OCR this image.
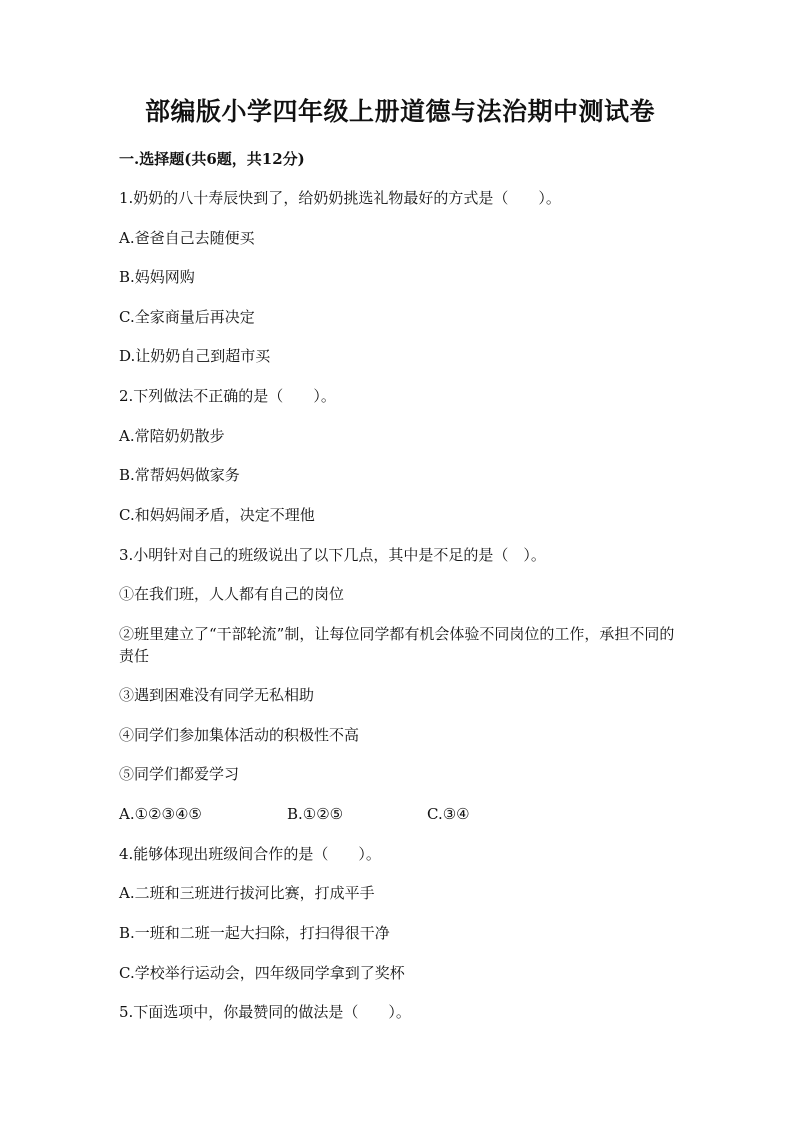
部编版小学四年级上册道德与法治期中测试卷
一.选择题(共6题，共12分)
1.奶奶的八十寿辰快到了，给奶奶挑选礼物最好的方式是（　　）。
A.爸爸自己去随便买
B.妈妈网购
C.全家商量后再决定
D.让奶奶自己到超市买
2.下列做法不正确的是（　　）。
A.常陪奶奶散步
B.常帮妈妈做家务
C.和妈妈闹矛盾，决定不理他
3.小明针对自己的班级说出了以下几点，其中是不足的是（　）。
①在我们班，人人都有自己的岗位
②班里建立了“干部轮流”制，让每位同学都有机会体验不同岗位的工作，承担不同的责任
③遇到困难没有同学无私相助
④同学们参加集体活动的积极性不高
⑤同学们都爱学习
A.①②③④⑤	B.①②⑤	C.③④
4.能够体现出班级间合作的是（　　）。
A.二班和三班进行拔河比赛，打成平手
B.一班和二班一起大扫除，打扫得很干净
C.学校举行运动会，四年级同学拿到了奖杯
5.下面选项中，你最赞同的做法是（　　）。
